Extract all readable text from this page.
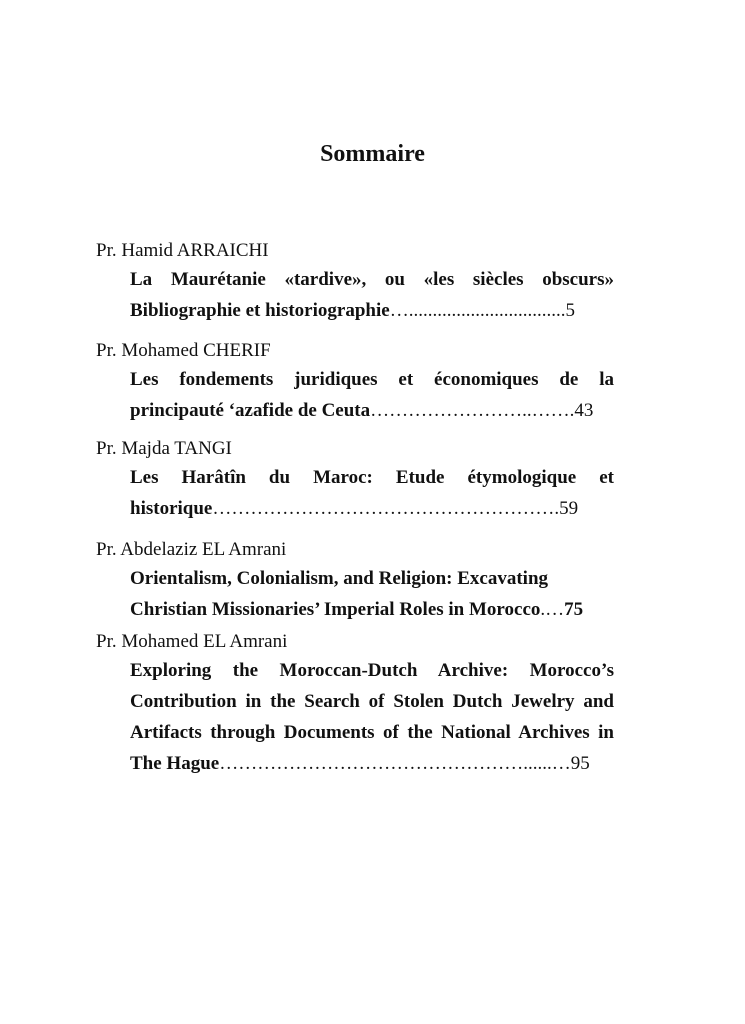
Sommaire
Pr. Hamid ARRAICHI
La Maurétanie «tardive», ou «les siècles obscurs»
Bibliographie et historiographie….................................5
Pr. Mohamed CHERIF
Les fondements juridiques et économiques de la
principauté ‘azafide de Ceuta……………………..…….43
Pr. Majda TANGI
Les Harâtîn du Maroc: Etude étymologique et
historique……………………………………………….59
Pr. Abdelaziz EL Amrani
Orientalism, Colonialism, and Religion: Excavating
Christian Missionaries’ Imperial Roles in Morocco.…75
Pr. Mohamed EL Amrani
Exploring the Moroccan-Dutch Archive: Morocco’s
Contribution in the Search of Stolen Dutch Jewelry and
Artifacts through Documents of the National Archives in
The Hague…………………………………………......…95
